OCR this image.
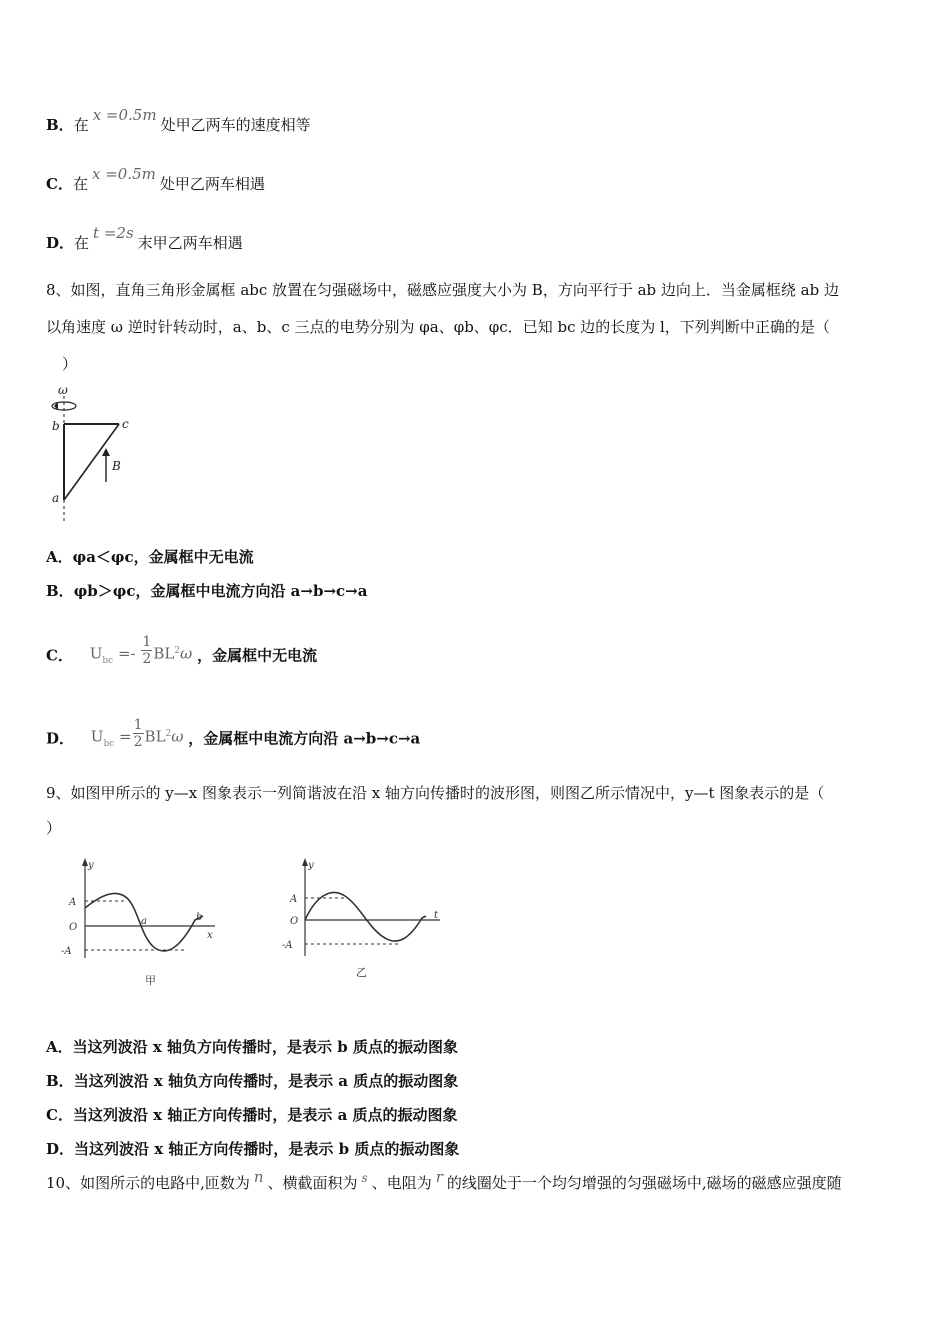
B．在x =0.5m处甲乙两车的速度相等
C．在x =0.5m处甲乙两车相遇
D．在t =2s末甲乙两车相遇
8、如图，直角三角形金属框 abc 放置在匀强磁场中，磁感应强度大小为 B，方向平行于 ab 边向上．当金属框绕 ab 边
以角速度 ω 逆时针转动时，a、b、c 三点的电势分别为 φa、φb、φc．已知 bc 边的长度为 l，下列判断中正确的是（
）
ω
b	c
a
B
A．φa＜φc，金属框中无电流
B．φb＞φc，金属框中电流方向沿 a→b→c→a
C． $U_{bc} =- \frac{1}{2} BL^2\omega$ ，金属框中无电流
D． $U_{bc} = \frac{1}{2} BL^2\omega$ ，金属框中电流方向沿 a→b→c→a
9、如图甲所示的 y—x 图象表示一列简谐波在沿 x 轴方向传播时的波形图，则图乙所示情况中，y—t 图象表示的是（
）
y
A
O
-A
a	b
x
甲
y
A
O
-A
t
乙
A．当这列波沿 x 轴负方向传播时，是表示 b 质点的振动图象
B．当这列波沿 x 轴负方向传播时，是表示 a 质点的振动图象
C．当这列波沿 x 轴正方向传播时，是表示 a 质点的振动图象
D．当这列波沿 x 轴正方向传播时，是表示 b 质点的振动图象
10、如图所示的电路中,匝数为 n 、横截面积为 $^s$ 、电阻为 r 的线圈处于一个均匀增强的匀强磁场中,磁场的磁感应强度随
